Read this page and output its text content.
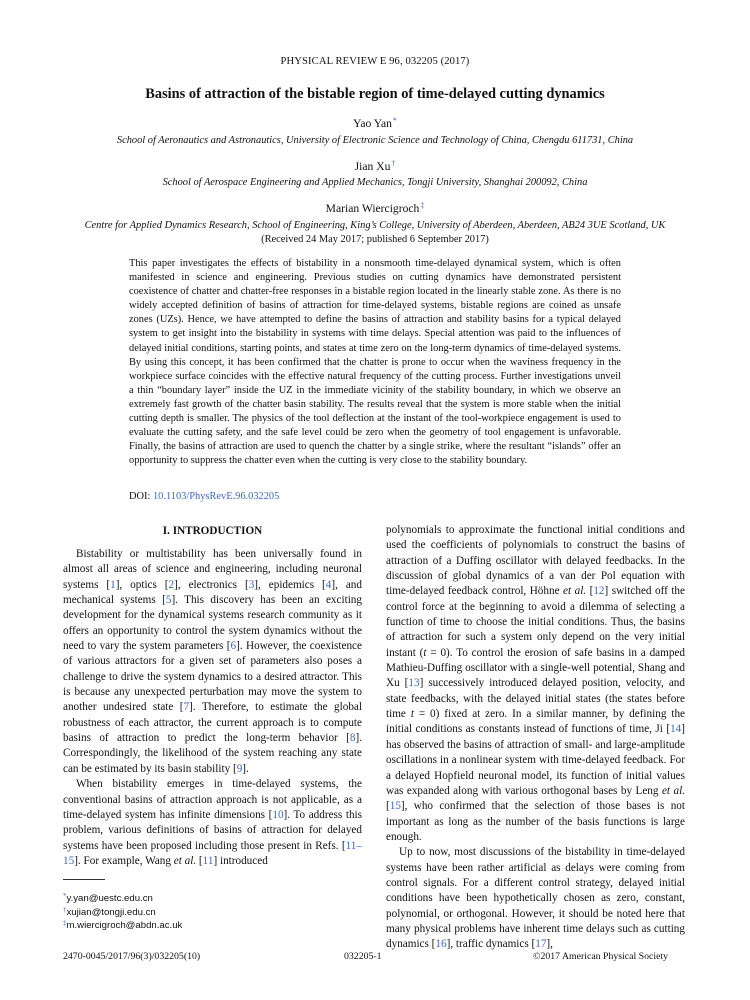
PHYSICAL REVIEW E 96, 032205 (2017)
Basins of attraction of the bistable region of time-delayed cutting dynamics
Yao Yan*
School of Aeronautics and Astronautics, University of Electronic Science and Technology of China, Chengdu 611731, China
Jian Xu†
School of Aerospace Engineering and Applied Mechanics, Tongji University, Shanghai 200092, China
Marian Wiercigroch‡
Centre for Applied Dynamics Research, School of Engineering, King’s College, University of Aberdeen, Aberdeen, AB24 3UE Scotland, UK
(Received 24 May 2017; published 6 September 2017)
This paper investigates the effects of bistability in a nonsmooth time-delayed dynamical system, which is often manifested in science and engineering. Previous studies on cutting dynamics have demonstrated persistent coexistence of chatter and chatter-free responses in a bistable region located in the linearly stable zone. As there is no widely accepted definition of basins of attraction for time-delayed systems, bistable regions are coined as unsafe zones (UZs). Hence, we have attempted to define the basins of attraction and stability basins for a typical delayed system to get insight into the bistability in systems with time delays. Special attention was paid to the influences of delayed initial conditions, starting points, and states at time zero on the long-term dynamics of time-delayed systems. By using this concept, it has been confirmed that the chatter is prone to occur when the waviness frequency in the workpiece surface coincides with the effective natural frequency of the cutting process. Further investigations unveil a thin “boundary layer” inside the UZ in the immediate vicinity of the stability boundary, in which we observe an extremely fast growth of the chatter basin stability. The results reveal that the system is more stable when the initial cutting depth is smaller. The physics of the tool deflection at the instant of the tool-workpiece engagement is used to evaluate the cutting safety, and the safe level could be zero when the geometry of tool engagement is unfavorable. Finally, the basins of attraction are used to quench the chatter by a single strike, where the resultant “islands” offer an opportunity to suppress the chatter even when the cutting is very close to the stability boundary.
DOI: 10.1103/PhysRevE.96.032205
I. INTRODUCTION

Bistability or multistability has been universally found in almost all areas of science and engineering, including neuronal systems [1], optics [2], electronics [3], epidemics [4], and mechanical systems [5]. This discovery has been an exciting development for the dynamical systems research community as it offers an opportunity to control the system dynamics without the need to vary the system parameters [6]. However, the coexistence of various attractors for a given set of parameters also poses a challenge to drive the system dynamics to a desired attractor. This is because any unexpected perturbation may move the system to another undesired state [7]. Therefore, to estimate the global robustness of each attractor, the current approach is to compute basins of attraction to predict the long-term behavior [8]. Correspondingly, the likelihood of the system reaching any state can be estimated by its basin stability [9].

When bistability emerges in time-delayed systems, the conventional basins of attraction approach is not applicable, as a time-delayed system has infinite dimensions [10]. To address this problem, various definitions of basins of attraction for delayed systems have been proposed including those present in Refs. [11–15]. For example, Wang et al. [11] introduced

polynomials to approximate the functional initial conditions and used the coefficients of polynomials to construct the basins of attraction of a Duffing oscillator with delayed feedbacks. In the discussion of global dynamics of a van der Pol equation with time-delayed feedback control, Höhne et al. [12] switched off the control force at the beginning to avoid a dilemma of selecting a function of time to choose the initial conditions. Thus, the basins of attraction for such a system only depend on the very initial instant (t = 0). To control the erosion of safe basins in a damped Mathieu-Duffing oscillator with a single-well potential, Shang and Xu [13] successively introduced delayed position, velocity, and state feedbacks, with the delayed initial states (the states before time t = 0) fixed at zero. In a similar manner, by defining the initial conditions as constants instead of functions of time, Ji [14] has observed the basins of attraction of small- and large-amplitude oscillations in a nonlinear system with time-delayed feedback. For a delayed Hopfield neuronal model, its function of initial values was expanded along with various orthogonal bases by Leng et al. [15], who confirmed that the selection of those bases is not important as long as the number of the basis functions is large enough.

Up to now, most discussions of the bistability in time-delayed systems have been rather artificial as delays were coming from control signals. For a different control strategy, delayed initial conditions have been hypothetically chosen as zero, constant, polynomial, or orthogonal. However, it should be noted here that many physical problems have inherent time delays such as cutting dynamics [16], traffic dynamics [17],

*y.yan@uestc.edu.cn
†xujian@tongji.edu.cn
‡m.wiercigroch@abdn.ac.uk
2470-0045/2017/96(3)/032205(10)	032205-1	©2017 American Physical Society
